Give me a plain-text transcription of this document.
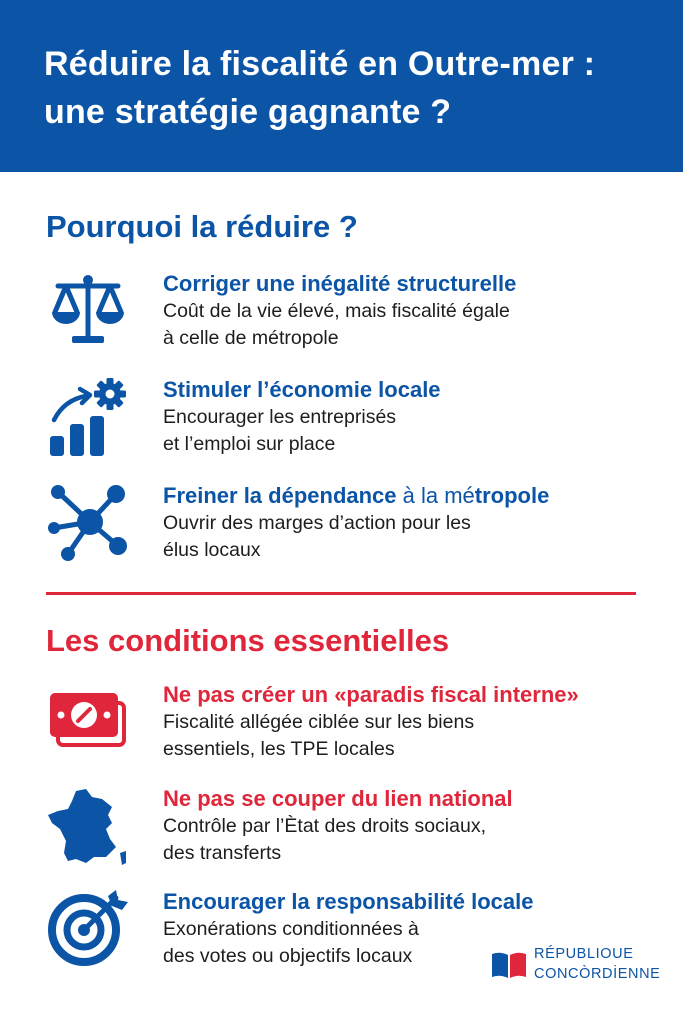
Réduire la fiscalité en Outre-mer : une stratégie gagnante ?
Pourquoi la réduire ?

Corriger une inégalité structurelle

Coût de la vie élevé, mais fiscalité égale
à celle de métropole

Stimuler l’économie locale

Encourager les entreprisés
et l’emploi sur place

Freiner la dépendance à la métropole

Ouvrir des marges d’action pour les
élus locaux

Les conditions essentielles

Ne pas créer un «paradis fiscal interne»

Fiscalité allégée ciblée sur les biens
essentiels, les TPE locales

Ne pas se couper du lien national

Contrôle par l’Ètat des droits sociaux,
des transferts

Encourager la responsabilité locale

Exonérations conditionnées à
des votes ou objectifs locaux	RÉPUBLIOUE
CONCÒRDİENNE
